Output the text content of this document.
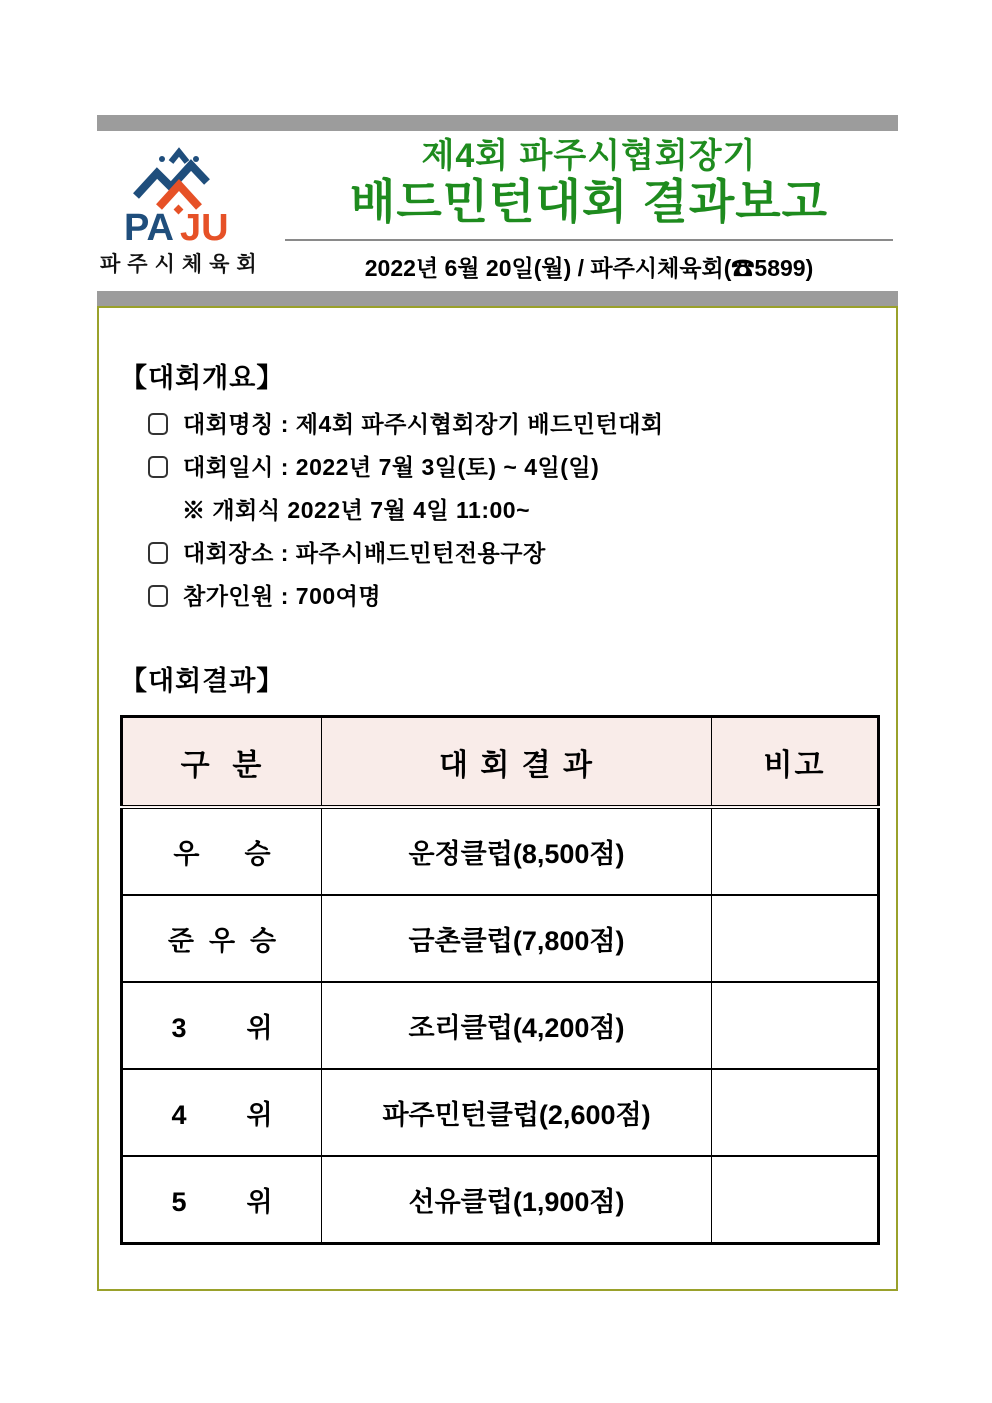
PA JU
파주시체육회
제4회 파주시협회장기
배드민턴대회 결과보고
2022년 6월 20일(월) / 파주시체육회(☎5899)
【대회개요】
대회명칭 : 제4회 파주시협회장기 배드민턴대회
대회일시 : 2022년 7월 3일(토) ~ 4일(일)
※ 개회식 2022년 7월 4일 11:00~
대회장소 : 파주시배드민턴전용구장
참가인원 : 700여명
【대회결과】
구  분	대 회 결 과	비고
우      승	운정클럽(8,500점)	
준  우  승	금촌클럽(7,800점)	
3        위	조리클럽(4,200점)	
4        위	파주민턴클럽(2,600점)	
5        위	선유클럽(1,900점)	
